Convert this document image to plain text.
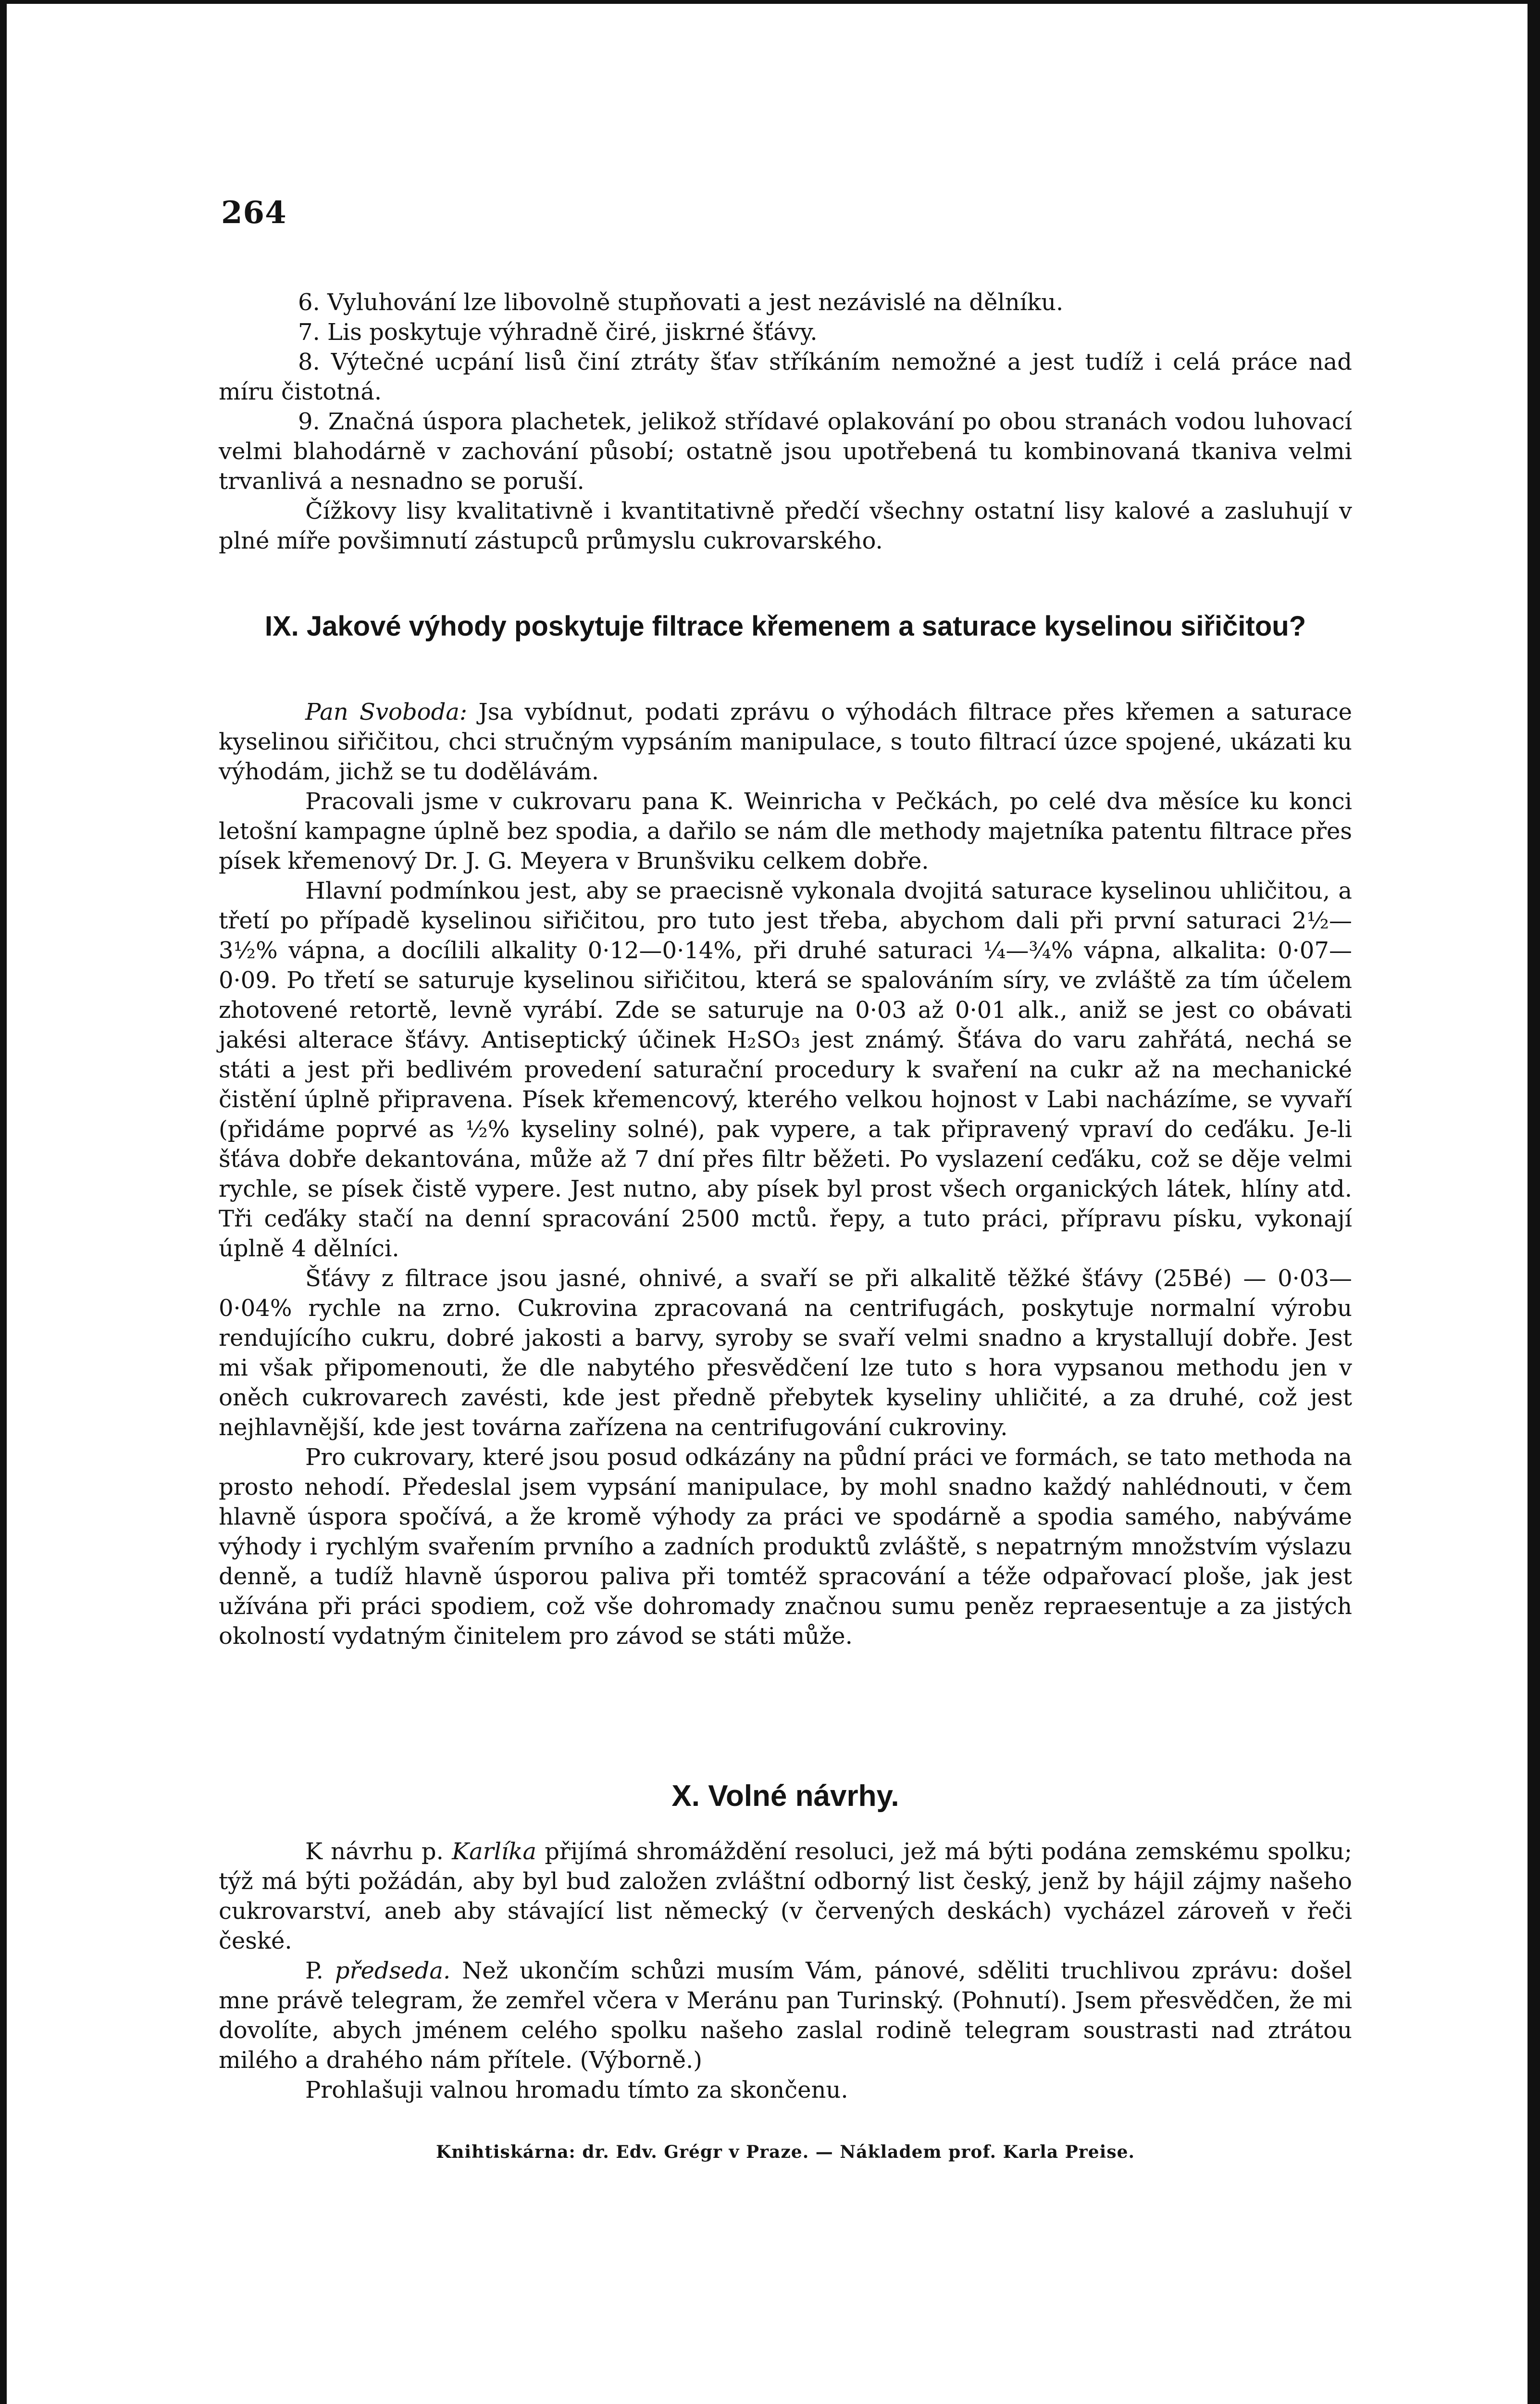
264

6. Vyluhování lze libovolně stupňovati a jest nezávislé na dělníku.

7. Lis poskytuje výhradně čiré, jiskrné šťávy.

8. Výtečné ucpání lisů činí ztráty šťav stříkáním nemožné a jest tudíž i celá práce nad míru čistotná.

9. Značná úspora plachetek, jelikož střídavé oplakování po obou stranách vodou luhovací velmi blahodárně v zachování působí; ostatně jsou upotřebená tu kombinovaná tkaniva velmi trvanlivá a nesnadno se poruší.

Čížkovy lisy kvalitativně i kvantitativně předčí všechny ostatní lisy kalové a zasluhují v plné míře povšimnutí zástupců průmyslu cukrovarského.

IX. Jakové výhody poskytuje filtrace křemenem a saturace kyselinou siřičitou?

Pan Svoboda: Jsa vybídnut, podati zprávu o výhodách filtrace přes křemen a saturace kyselinou siřičitou, chci stručným vypsáním manipulace, s touto filtrací úzce spojené, ukázati ku výhodám, jichž se tu dodělávám.

Pracovali jsme v cukrovaru pana K. Weinricha v Pečkách, po celé dva měsíce ku konci letošní kampagne úplně bez spodia, a dařilo se nám dle methody majetníka patentu filtrace přes písek křemenový Dr. J. G. Meyera v Brunšviku celkem dobře.

Hlavní podmínkou jest, aby se praecisně vykonala dvojitá saturace kyselinou uhličitou, a třetí po případě kyselinou siřičitou, pro tuto jest třeba, abychom dali při první saturaci 2½—3½% vápna, a docílili alkality 0·12—0·14%, při druhé saturaci ¼—¾% vápna, alkalita: 0·07—0·09. Po třetí se saturuje kyselinou siřičitou, která se spalováním síry, ve zvláště za tím účelem zhotovené retortě, levně vyrábí. Zde se saturuje na 0·03 až 0·01 alk., aniž se jest co obávati jakési alterace šťávy. Antiseptický účinek H₂SO₃ jest známý. Šťáva do varu zahřátá, nechá se státi a jest při bedlivém provedení saturační procedury k svaření na cukr až na mechanické čistění úplně připravena. Písek křemencový, kterého velkou hojnost v Labi nacházíme, se vyvaří (přidáme poprvé as ½% kyseliny solné), pak vypere, a tak připravený vpraví do ceďáku. Je-li šťáva dobře dekantována, může až 7 dní přes filtr běžeti. Po vyslazení ceďáku, což se děje velmi rychle, se písek čistě vypere. Jest nutno, aby písek byl prost všech organických látek, hlíny atd. Tři ceďáky stačí na denní spracování 2500 mctů. řepy, a tuto práci, přípravu písku, vykonají úplně 4 dělníci.

Šťávy z filtrace jsou jasné, ohnivé, a svaří se při alkalitě těžké šťávy (25Bé) — 0·03—0·04% rychle na zrno. Cukrovina zpracovaná na centrifugách, poskytuje normalní výrobu rendujícího cukru, dobré jakosti a barvy, syroby se svaří velmi snadno a krystallují dobře. Jest mi však připomenouti, že dle nabytého přesvědčení lze tuto s hora vypsanou methodu jen v oněch cukrovarech zavésti, kde jest předně přebytek kyseliny uhličité, a za druhé, což jest nejhlavnější, kde jest továrna zařízena na centrifugování cukroviny.

Pro cukrovary, které jsou posud odkázány na půdní práci ve formách, se tato methoda na prosto nehodí. Předeslal jsem vypsání manipulace, by mohl snadno každý nahlédnouti, v čem hlavně úspora spočívá, a že kromě výhody za práci ve spodárně a spodia samého, nabýváme výhody i rychlým svařením prvního a zadních produktů zvláště, s nepatrným množstvím výslazu denně, a tudíž hlavně úsporou paliva při tomtéž spracování a téže odpařovací ploše, jak jest užívána při práci spodiem, což vše dohromady značnou sumu peněz repraesentuje a za jistých okolností vydatným činitelem pro závod se státi může.

X. Volné návrhy.

K návrhu p. Karlíka přijímá shromáždění resoluci, jež má býti podána zemskému spolku; týž má býti požádán, aby byl bud založen zvláštní odborný list český, jenž by hájil zájmy našeho cukrovarství, aneb aby stávající list německý (v červených deskách) vycházel zároveň v řeči české.

P. předseda. Než ukončím schůzi musím Vám, pánové, sděliti truchlivou zprávu: došel mne právě telegram, že zemřel včera v Meránu pan Turinský. (Pohnutí). Jsem přesvědčen, že mi dovolíte, abych jménem celého spolku našeho zaslal rodině telegram soustrasti nad ztrátou milého a drahého nám přítele. (Výborně.)

Prohlašuji valnou hromadu tímto za skončenu.

Knihtiskárna: dr. Edv. Grégr v Praze. — Nákladem prof. Karla Preise.
